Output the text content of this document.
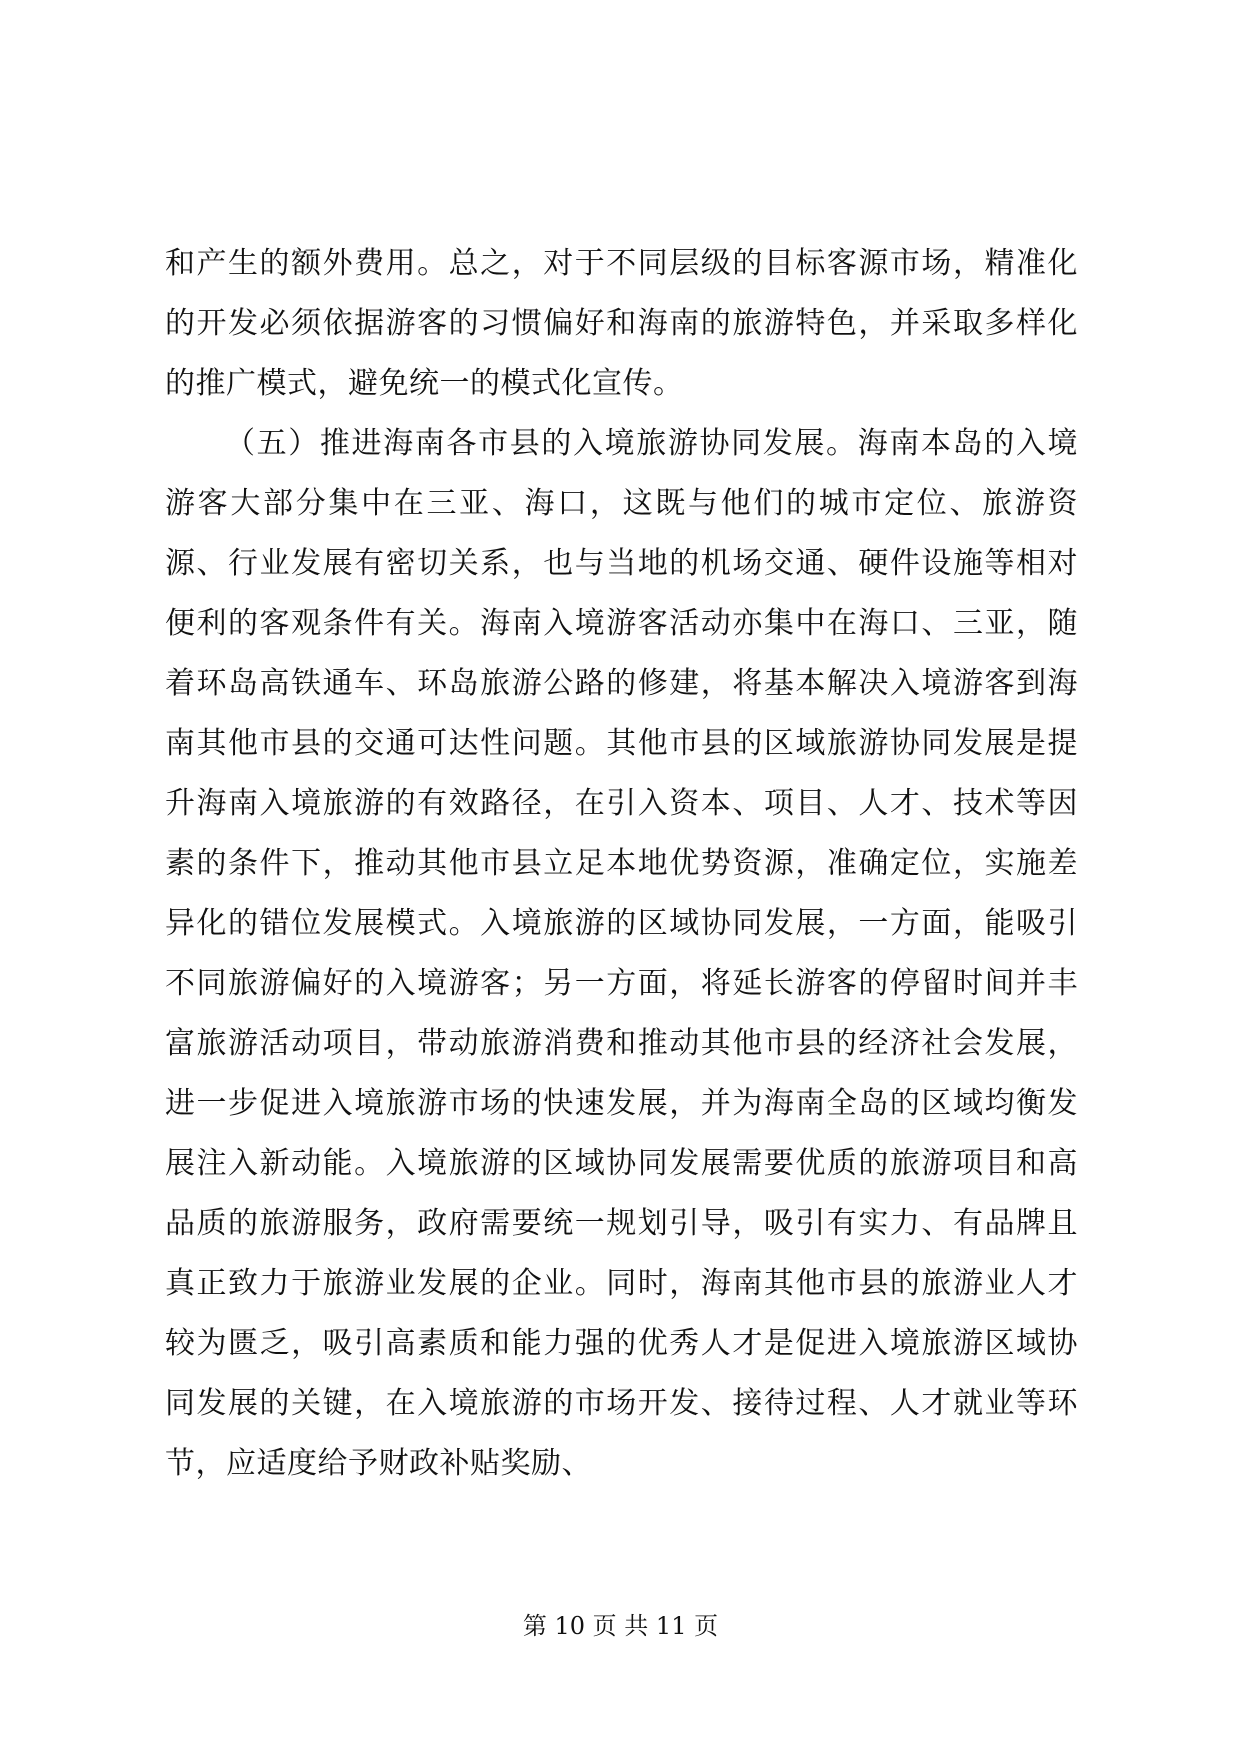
和产生的额外费用。总之，对于不同层级的目标客源市场，精准化的开发必须依据游客的习惯偏好和海南的旅游特色，并采取多样化的推广模式，避免统一的模式化宣传。

（五）推进海南各市县的入境旅游协同发展。海南本岛的入境游客大部分集中在三亚、海口，这既与他们的城市定位、旅游资源、行业发展有密切关系，也与当地的机场交通、硬件设施等相对便利的客观条件有关。海南入境游客活动亦集中在海口、三亚，随着环岛高铁通车、环岛旅游公路的修建，将基本解决入境游客到海南其他市县的交通可达性问题。其他市县的区域旅游协同发展是提升海南入境旅游的有效路径，在引入资本、项目、人才、技术等因素的条件下，推动其他市县立足本地优势资源，准确定位，实施差异化的错位发展模式。入境旅游的区域协同发展，一方面，能吸引不同旅游偏好的入境游客；另一方面，将延长游客的停留时间并丰富旅游活动项目，带动旅游消费和推动其他市县的经济社会发展，进一步促进入境旅游市场的快速发展，并为海南全岛的区域均衡发展注入新动能。入境旅游的区域协同发展需要优质的旅游项目和高品质的旅游服务，政府需要统一规划引导，吸引有实力、有品牌且真正致力于旅游业发展的企业。同时，海南其他市县的旅游业人才较为匮乏，吸引高素质和能力强的优秀人才是促进入境旅游区域协同发展的关键，在入境旅游的市场开发、接待过程、人才就业等环节，应适度给予财政补贴奖励、

第 10 页 共 11 页
